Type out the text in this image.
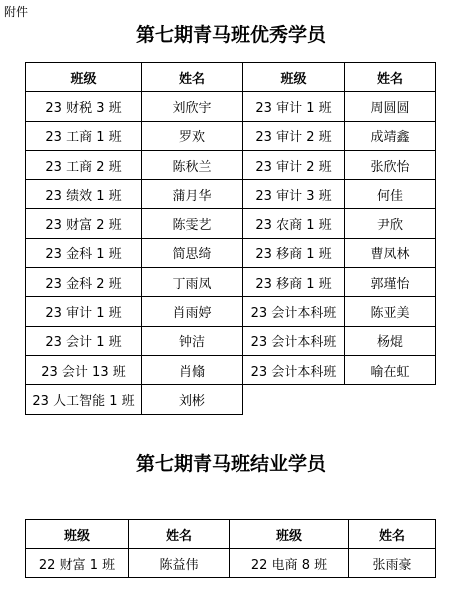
附件
第七期青马班优秀学员
班级	姓名	班级	姓名
23 财税 3 班	刘欣宇	23 审计 1 班	周圆圆
23 工商 1 班	罗欢	23 审计 2 班	成靖鑫
23 工商 2 班	陈秋兰	23 审计 2 班	张欣怡
23 绩效 1 班	蒲月华	23 审计 3 班	何佳
23 财富 2 班	陈雯艺	23 农商 1 班	尹欣
23 金科 1 班	简思绮	23 移商 1 班	曹凤林
23 金科 2 班	丁雨凤	23 移商 1 班	郭瑾怡
23 审计 1 班	肖雨婷	23 会计本科班	陈亚美
23 会计 1 班	钟洁	23 会计本科班	杨焜
23 会计 13 班	肖翛	23 会计本科班	喻在虹
23 人工智能 1 班	刘彬		
第七期青马班结业学员
班级	姓名	班级	姓名
22 财富 1 班	陈益伟	22 电商 8 班	张雨豪
